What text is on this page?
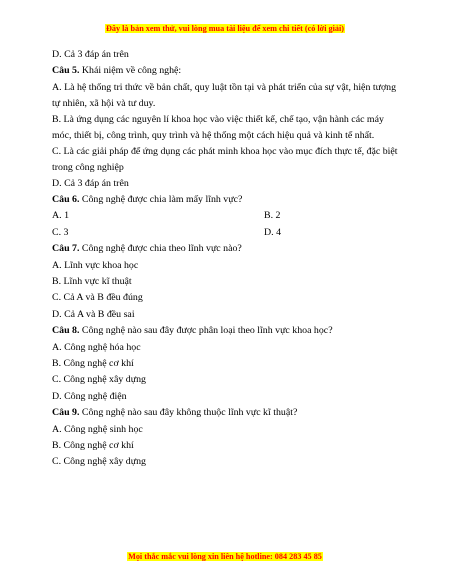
Đây là bản xem thử, vui lòng mua tài liệu để xem chi tiết (có lời giải)
D. Cả 3 đáp án trên
Câu 5. Khái niệm về công nghệ:
A. Là hệ thống tri thức về bản chất, quy luật tồn tại và phát triển của sự vật, hiện tượng tự nhiên, xã hội và tư duy.
B. Là ứng dụng các nguyên lí khoa học vào việc thiết kế, chế tạo, vận hành các máy móc, thiết bị, công trình, quy trình và hệ thống một cách hiệu quả và kinh tế nhất.
C. Là các giải pháp để ứng dụng các phát minh khoa học vào mục đích thực tế, đặc biệt trong công nghiệp
D. Cả 3 đáp án trên
Câu 6. Công nghệ được chia làm mấy lĩnh vực?
A. 1	B. 2
C. 3	D. 4
Câu 7. Công nghệ được chia theo lĩnh vực nào?
A. Lĩnh vực khoa học
B. Lĩnh vực kĩ thuật
C. Cả A và B đều đúng
D. Cả A và B đều sai
Câu 8. Công nghệ nào sau đây được phân loại theo lĩnh vực khoa học?
A. Công nghệ hóa học
B. Công nghệ cơ khí
C. Công nghệ xây dựng
D. Công nghệ điện
Câu 9. Công nghệ nào sau đây không thuộc lĩnh vực kĩ thuật?
A. Công nghệ sinh học
B. Công nghệ cơ khí
C. Công nghệ xây dựng
Mọi thắc mắc vui lòng xin liên hệ hotline: 084 283 45 85
